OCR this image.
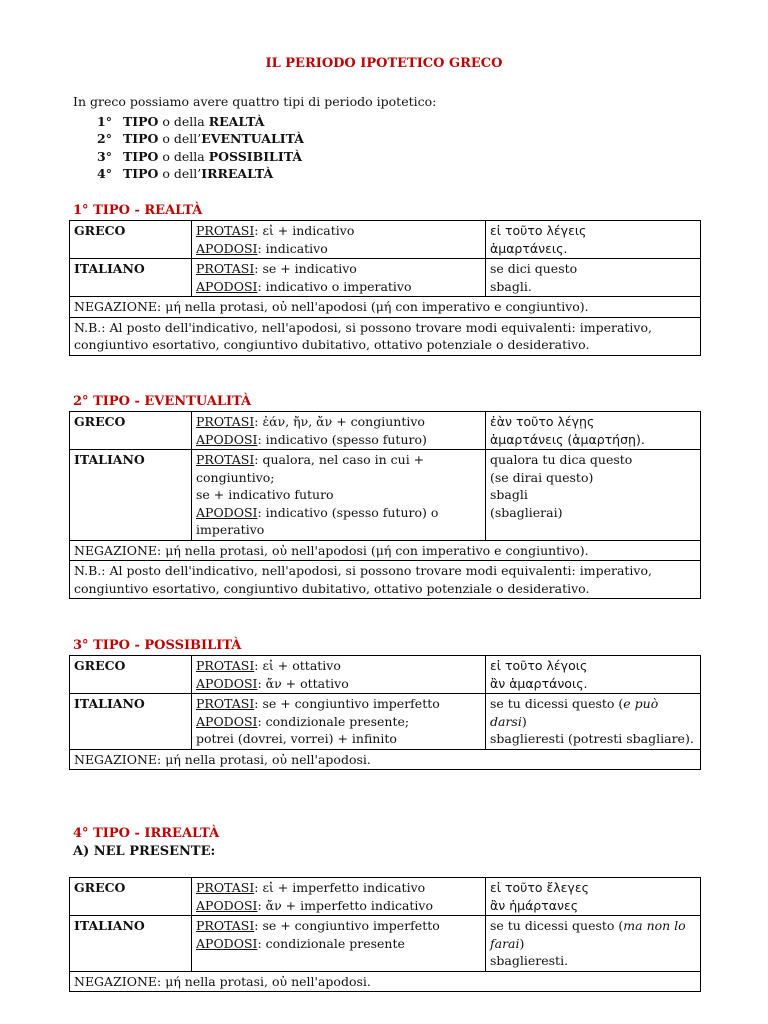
IL PERIODO IPOTETICO GRECO
In greco possiamo avere quattro tipi di periodo ipotetico:
1° TIPO o della REALTÀ
2° TIPO o dell’EVENTUALITÀ
3° TIPO o della POSSIBILITÀ
4° TIPO o dell’IRREALTÀ
1° TIPO - REALTÀ
GRECO	PROTASI: εἰ + indicativo
APODOSI: indicativo	εἰ τοῦτο λέγεις
ἁμαρτάνεις.

ITALIANO	PROTASI: se + indicativo
APODOSI: indicativo o imperativo	se dici questo
sbagli.

NEGAZIONE: μή nella protasi, οὐ nell'apodosi (μή con imperativo e congiuntivo).		
N.B.: Al posto dell'indicativo, nell'apodosi, si possono trovare modi equivalenti: imperativo, congiuntivo esortativo, congiuntivo dubitativo, ottativo potenziale o desiderativo.		
2° TIPO - EVENTUALITÀ
GRECO	PROTASI: ἐάν, ἤν, ἄν + congiuntivo
APODOSI: indicativo (spesso futuro)	ἐὰν τοῦτο λέγῃς
ἁμαρτάνεις (ἁμαρτήσῃ).

ITALIANO	PROTASI: qualora, nel caso in cui + congiuntivo;
se + indicativo futuro
APODOSI: indicativo (spesso futuro) o imperativo	qualora tu dica questo
(se dirai questo)
sbagli
(sbaglierai)

NEGAZIONE: μή nella protasi, οὐ nell'apodosi (μή con imperativo e congiuntivo).		
N.B.: Al posto dell'indicativo, nell'apodosi, si possono trovare modi equivalenti: imperativo, congiuntivo esortativo, congiuntivo dubitativo, ottativo potenziale o desiderativo.		
3° TIPO - POSSIBILITÀ
GRECO	PROTASI: εἰ + ottativo
APODOSI: ἄν + ottativo	εἰ τοῦτο λέγοις
ἂν ἁμαρτάνοις.

ITALIANO	PROTASI: se + congiuntivo imperfetto
APODOSI: condizionale presente;
potrei (dovrei, vorrei) + infinito	se tu dicessi questo (e può darsi)
sbaglieresti (potresti sbagliare).

NEGAZIONE: μή nella protasi, οὐ nell'apodosi.		
4° TIPO - IRREALTÀ
A) NEL PRESENTE:
GRECO	PROTASI: εἰ + imperfetto indicativo
APODOSI: ἄν + imperfetto indicativo	εἰ τοῦτο ἔλεγες
ἂν ἡμάρτανες

ITALIANO	PROTASI: se + congiuntivo imperfetto
APODOSI: condizionale presente	se tu dicessi questo (ma non lo farai)
sbaglieresti.

NEGAZIONE: μή nella protasi, οὐ nell'apodosi.		
